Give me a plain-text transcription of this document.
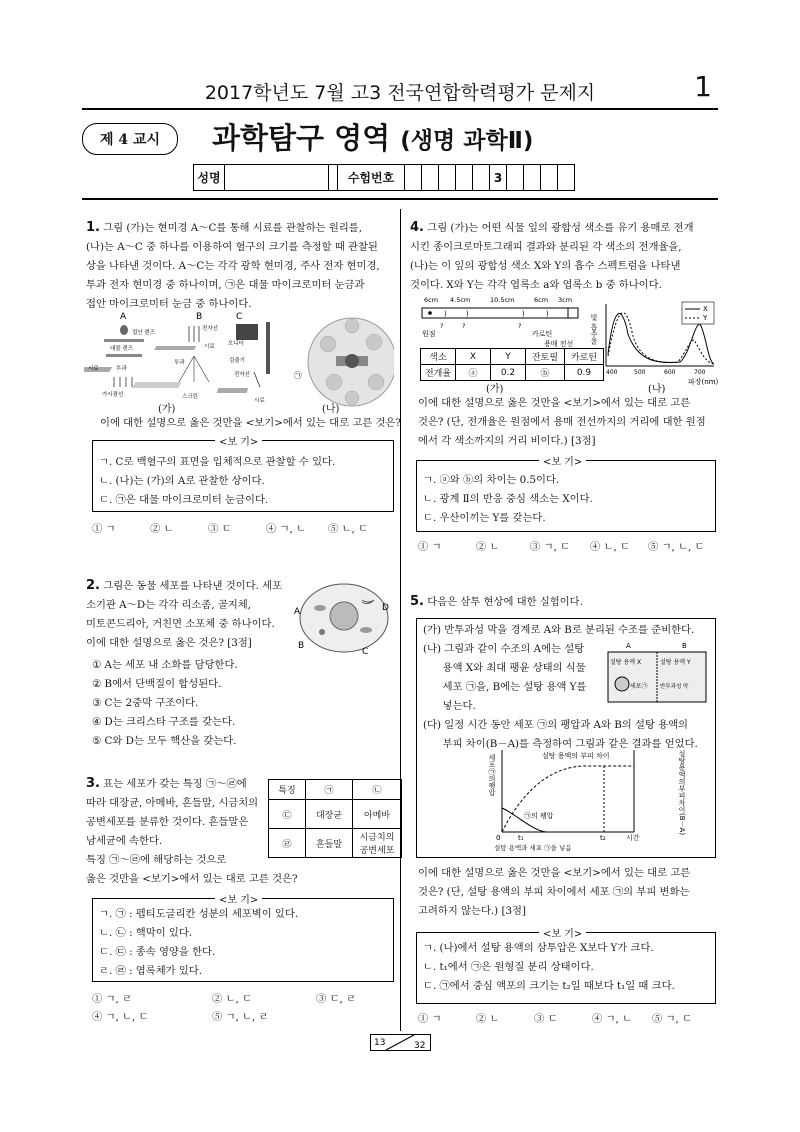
2017학년도 7월 고3 전국연합학력평가 문제지	1
제 4 교시	과학탐구 영역 (생명 과학Ⅱ)
성명	수험번호	3
1. 그림 (가)는 현미경 A～C를 통해 시료를 관찰하는 원리를,
(나)는 A～C 중 하나를 이용하여 혈구의 크기를 측정할 때 관찰된
상을 나타낸 것이다. A～C는 각각 광학 현미경, 주사 전자 현미경,
투과 전자 현미경 중 하나이며, ㉠은 대물 마이크로미터 눈금과
접안 마이크로미터 눈금 중 하나이다.
A
접안 렌즈
대물 렌즈
시료	투과
가시광선
B
전자선
시료
투과
스크린
C
모니터
검출기
전자선
시료
㉠
(가)	(나)
이에 대한 설명으로 옳은 것만을 <보기>에서 있는 대로 고른 것은?
<보 기>
ㄱ. C로 백혈구의 표면을 입체적으로 관찰할 수 있다.
ㄴ. (나)는 (가)의 A로 관찰한 상이다.
ㄷ. ㉠은 대물 마이크로미터 눈금이다.
① ㄱ	② ㄴ	③ ㄷ	④ ㄱ, ㄴ	⑤ ㄴ, ㄷ
2. 그림은 동물 세포를 나타낸 것이다. 세포
소기관 A～D는 각각 리소좀, 골지체,
미토콘드리아, 거친면 소포체 중 하나이다.
이에 대한 설명으로 옳은 것은? [3점]
A	D
B
C
① A는 세포 내 소화를 담당한다.
② B에서 단백질이 합성된다.
③ C는 2중막 구조이다.
④ D는 크리스타 구조를 갖는다.
⑤ C와 D는 모두 핵산을 갖는다.
3. 표는 세포가 갖는 특징 ㉠～㉣에
따라 대장균, 아메바, 흔들말, 시금치의
공변세포를 분류한 것이다. 흔들말은
남세균에 속한다.
특징 ㉠～㉣에 해당하는 것으로
옳은 것만을 <보기>에서 있는 대로 고른 것은?
특징	㉠	㉡
㉢	대장균	아메바
㉣	흔들말	시금치의
공변세포
<보 기>
ㄱ. ㉠ : 펩티도글리칸 성분의 세포벽이 있다.
ㄴ. ㉡ : 핵막이 있다.
ㄷ. ㉢ : 종속 영양을 한다.
ㄹ. ㉣ : 엽록체가 있다.
① ㄱ, ㄹ	② ㄴ, ㄷ	③ ㄷ, ㄹ
④ ㄱ, ㄴ, ㄷ	⑤ ㄱ, ㄴ, ㄹ
4. 그림 (가)는 어떤 식물 잎의 광합성 색소를 유기 용매로 전개
시킨 종이크로마토그래피 결과와 분리된 각 색소의 전개율을,
(나)는 이 잎의 광합성 색소 X와 Y의 흡수 스펙트럼을 나타낸
것이다. X와 Y는 각각 엽록소 a와 엽록소 b 중 하나이다.
6cm 4.5cm	10.5cm	6cm 3cm
)	)	)	)
?	?	?
원점	카로틴
용매 전선 빛 흡수율
400	500	600	700
파장(nm)
X
Y
색소	X	Y	잔토필	카로틴
전개율	ⓐ	0.2	ⓑ	0.9
(가)	(나)
이에 대한 설명으로 옳은 것만을 <보기>에서 있는 대로 고른
것은? (단, 전개율은 원점에서 용매 전선까지의 거리에 대한 원점
에서 각 색소까지의 거리 비이다.) [3점]
<보 기>
ㄱ. ⓐ와 ⓑ의 차이는 0.5이다.
ㄴ. 광계 Ⅱ의 반응 중심 색소는 X이다.
ㄷ. 우산이끼는 Y를 갖는다.
① ㄱ	② ㄴ	③ ㄱ, ㄷ	④ ㄴ, ㄷ	⑤ ㄱ, ㄴ, ㄷ
5. 다음은 삼투 현상에 대한 실험이다.
(가) 반투과성 막을 경계로 A와 B로 분리된 수조를 준비한다.
(나) 그림과 같이 수조의 A에는 설탕
용액 X와 최대 팽윤 상태의 식물
세포 ㉠을, B에는 설탕 용액 Y를
넣는다.
(다) 일정 시간 동안 세포 ㉠의 팽압과 A와 B의 설탕 용액의
부피 차이(B－A)를 측정하여 그림과 같은 결과를 얻었다.
A	B
설탕 용액 X	설탕 용액 Y
세포㉠ 반투과성 막
세포㉠의팽압	설탕용액의부피차이(B－A)
설탕 용액의 부피 차이
㉠의 팽압
0	t₁	t₂	시간
설탕 용액과 세포 ㉠을 넣음
이에 대한 설명으로 옳은 것만을 <보기>에서 있는 대로 고른
것은? (단, 설탕 용액의 부피 차이에서 세포 ㉠의 부피 변화는
고려하지 않는다.) [3점]
<보 기>
ㄱ. (나)에서 설탕 용액의 삼투압은 X보다 Y가 크다.
ㄴ. t₁에서 ㉠은 원형질 분리 상태이다.
ㄷ. ㉠에서 중심 액포의 크기는 t₂일 때보다 t₁일 때 크다.
① ㄱ	② ㄴ	③ ㄷ	④ ㄱ, ㄴ	⑤ ㄱ, ㄷ
13	32
